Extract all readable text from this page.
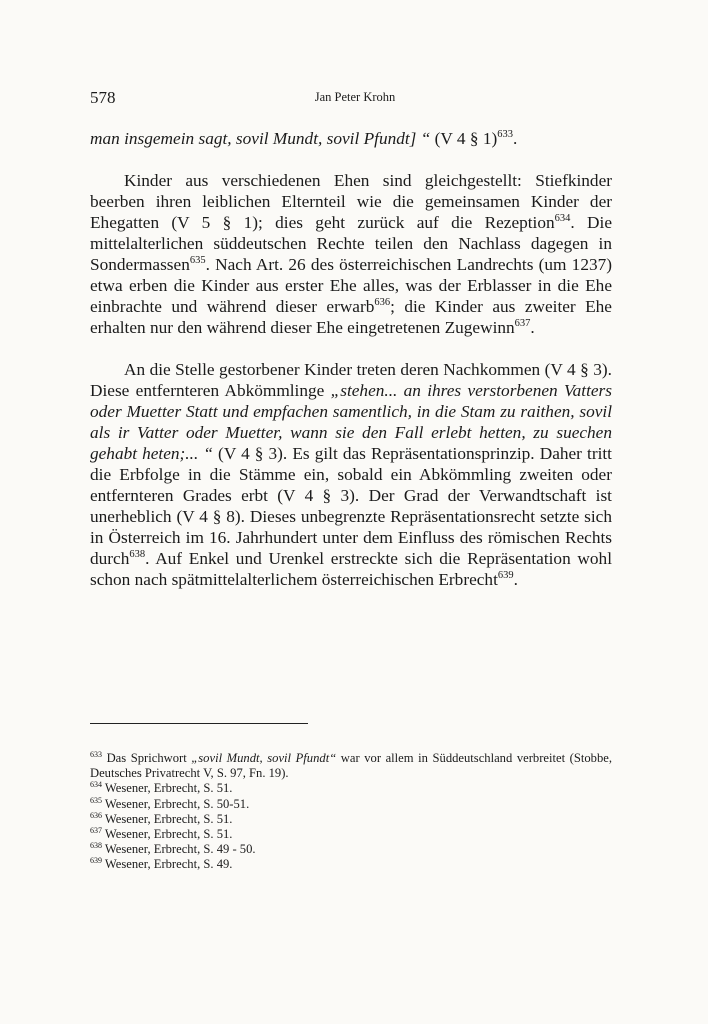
578	Jan Peter Krohn

man insgemein sagt, sovil Mundt, sovil Pfundt] “ (V 4 § 1)$^{633}$.

Kinder aus verschiedenen Ehen sind gleichgestellt: Stiefkinder beerben ihren leiblichen Elternteil wie die gemeinsamen Kinder der Ehegatten (V 5 § 1); dies geht zurück auf die Rezeption$^{634}$. Die mittelalterlichen süddeutschen Rechte teilen den Nachlass dagegen in Sondermassen$^{635}$. Nach Art. 26 des österreichischen Landrechts (um 1237) etwa erben die Kinder aus erster Ehe alles, was der Erblasser in die Ehe einbrachte und während dieser erwarb$^{636}$; die Kinder aus zweiter Ehe erhalten nur den während dieser Ehe eingetretenen Zugewinn$^{637}$.

An die Stelle gestorbener Kinder treten deren Nachkommen (V 4 § 3). Diese entfernteren Abkömmlinge „stehen... an ihres verstorbenen Vatters oder Muetter Statt und empfachen samentlich, in die Stam zu raithen, sovil als ir Vatter oder Muetter, wann sie den Fall erlebt hetten, zu suechen gehabt heten;... “ (V 4 § 3). Es gilt das Repräsentationsprinzip. Daher tritt die Erbfolge in die Stämme ein, sobald ein Abkömmling zweiten oder entfernteren Grades erbt (V 4 § 3). Der Grad der Verwandtschaft ist unerheblich (V 4 § 8). Dieses unbegrenzte Repräsentationsrecht setzte sich in Österreich im 16. Jahrhundert unter dem Einfluss des römischen Rechts durch$^{638}$. Auf Enkel und Urenkel erstreckte sich die Repräsentation wohl schon nach spätmittelalterlichem österreichischen Erbrecht$^{639}$.

$^{633}$ Das Sprichwort „sovil Mundt, sovil Pfundt“ war vor allem in Süddeutschland verbreitet (Stobbe, Deutsches Privatrecht V, S. 97, Fn. 19).

$^{634}$ Wesener, Erbrecht, S. 51.

$^{635}$ Wesener, Erbrecht, S. 50-51.

$^{636}$ Wesener, Erbrecht, S. 51.

$^{637}$ Wesener, Erbrecht, S. 51.

$^{638}$ Wesener, Erbrecht, S. 49 - 50.

$^{639}$ Wesener, Erbrecht, S. 49.
